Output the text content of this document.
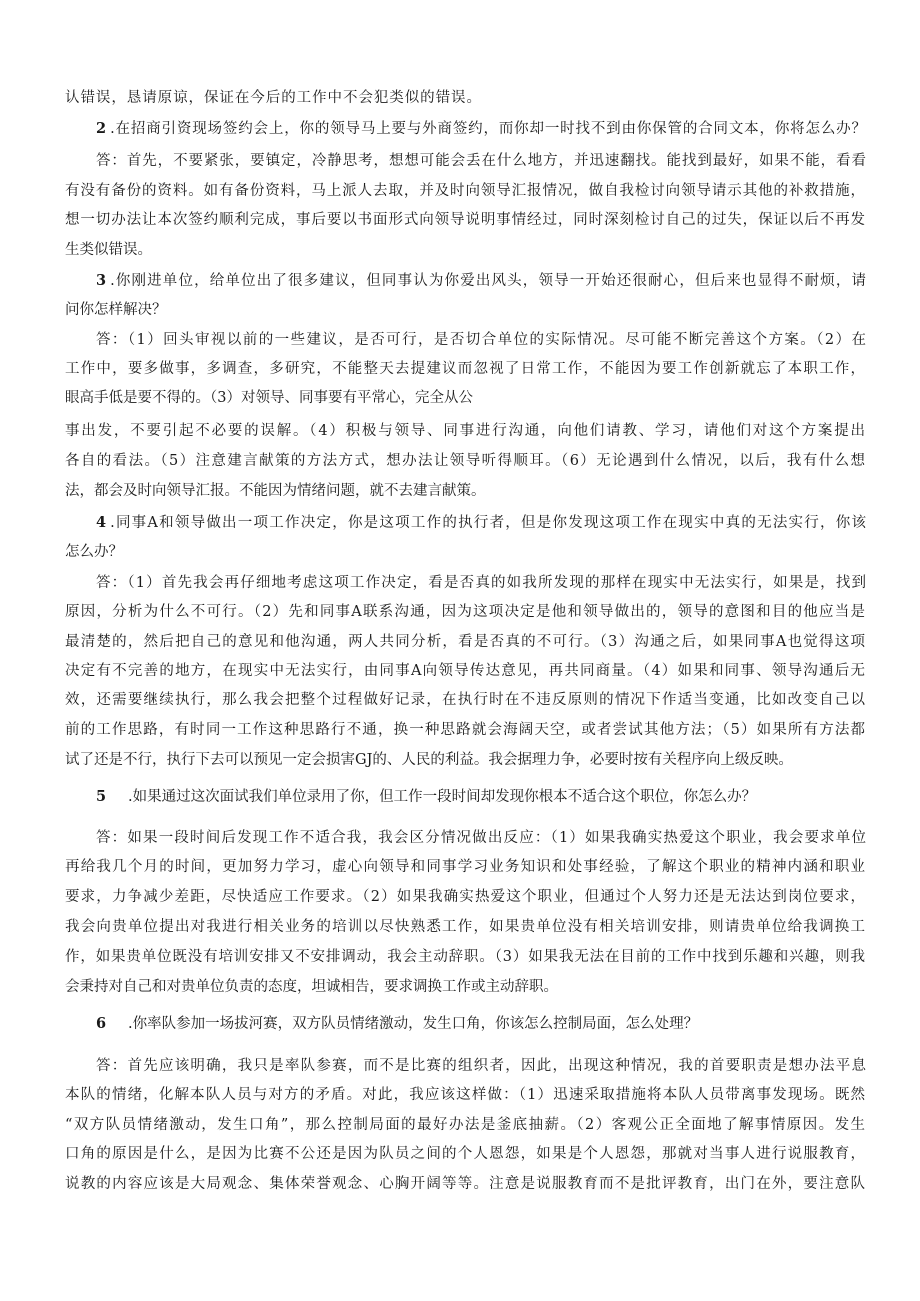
认错误，恳请原谅，保证在今后的工作中不会犯类似的错误。
2 .在招商引资现场签约会上，你的领导马上要与外商签约，而你却一时找不到由你保管的合同文本，你将怎么办？
答：首先，不要紧张，要镇定，冷静思考，想想可能会丢在什么地方，并迅速翻找。能找到最好，如果不能，看看
有没有备份的资料。如有备份资料，马上派人去取，并及时向领导汇报情况，做自我检讨向领导请示其他的补救措施，
想一切办法让本次签约顺利完成，事后要以书面形式向领导说明事情经过，同时深刻检讨自己的过失，保证以后不再发
生类似错误。
3 .你刚进单位，给单位出了很多建议，但同事认为你爱出风头，领导一开始还很耐心，但后来也显得不耐烦，请
问你怎样解决？
答：（1）回头审视以前的一些建议，是否可行，是否切合单位的实际情况。尽可能不断完善这个方案。（2）在
工作中，要多做事，多调查，多研究，不能整天去提建议而忽视了日常工作，不能因为要工作创新就忘了本职工作，
眼高手低是要不得的。（3）对领导、同事要有平常心，完全从公
事出发，不要引起不必要的误解。（4）积极与领导、同事进行沟通，向他们请教、学习，请他们对这个方案提出
各自的看法。（5）注意建言献策的方法方式，想办法让领导听得顺耳。（6）无论遇到什么情况，以后，我有什么想
法，都会及时向领导汇报。不能因为情绪问题，就不去建言献策。
4 .同事A和领导做出一项工作决定，你是这项工作的执行者，但是你发现这项工作在现实中真的无法实行，你该
怎么办？
答：（1）首先我会再仔细地考虑这项工作决定，看是否真的如我所发现的那样在现实中无法实行，如果是，找到
原因，分析为什么不可行。（2）先和同事A联系沟通，因为这项决定是他和领导做出的，领导的意图和目的他应当是
最清楚的，然后把自己的意见和他沟通，两人共同分析，看是否真的不可行。（3）沟通之后，如果同事A也觉得这项
决定有不完善的地方，在现实中无法实行，由同事A向领导传达意见，再共同商量。（4）如果和同事、领导沟通后无
效，还需要继续执行，那么我会把整个过程做好记录，在执行时在不违反原则的情况下作适当变通，比如改变自己以
前的工作思路，有时同一工作这种思路行不通，换一种思路就会海阔天空，或者尝试其他方法；（5）如果所有方法都
试了还是不行，执行下去可以预见一定会损害GJ的、人民的利益。我会据理力争，必要时按有关程序向上级反映。
5 .如果通过这次面试我们单位录用了你，但工作一段时间却发现你根本不适合这个职位，你怎么办？
答：如果一段时间后发现工作不适合我，我会区分情况做出反应：（1）如果我确实热爱这个职业，我会要求单位
再给我几个月的时间，更加努力学习，虚心向领导和同事学习业务知识和处事经验，了解这个职业的精神内涵和职业
要求，力争减少差距，尽快适应工作要求。（2）如果我确实热爱这个职业，但通过个人努力还是无法达到岗位要求，
我会向贵单位提出对我进行相关业务的培训以尽快熟悉工作，如果贵单位没有相关培训安排，则请贵单位给我调换工
作，如果贵单位既没有培训安排又不安排调动，我会主动辞职。（3）如果我无法在目前的工作中找到乐趣和兴趣，则我
会秉持对自己和对贵单位负责的态度，坦诚相告，要求调换工作或主动辞职。
6 .你率队参加一场拔河赛，双方队员情绪激动，发生口角，你该怎么控制局面，怎么处理？
答：首先应该明确，我只是率队参赛，而不是比赛的组织者，因此，出现这种情况，我的首要职责是想办法平息
本队的情绪，化解本队人员与对方的矛盾。对此，我应该这样做：（1）迅速采取措施将本队人员带离事发现场。既然
“双方队员情绪激动，发生口角”，那么控制局面的最好办法是釜底抽薪。（2）客观公正全面地了解事情原因。发生
口角的原因是什么，是因为比赛不公还是因为队员之间的个人恩怨，如果是个人恩怨，那就对当事人进行说服教育，
说教的内容应该是大局观念、集体荣誉观念、心胸开阔等等。注意是说服教育而不是批评教育，出门在外，要注意队
